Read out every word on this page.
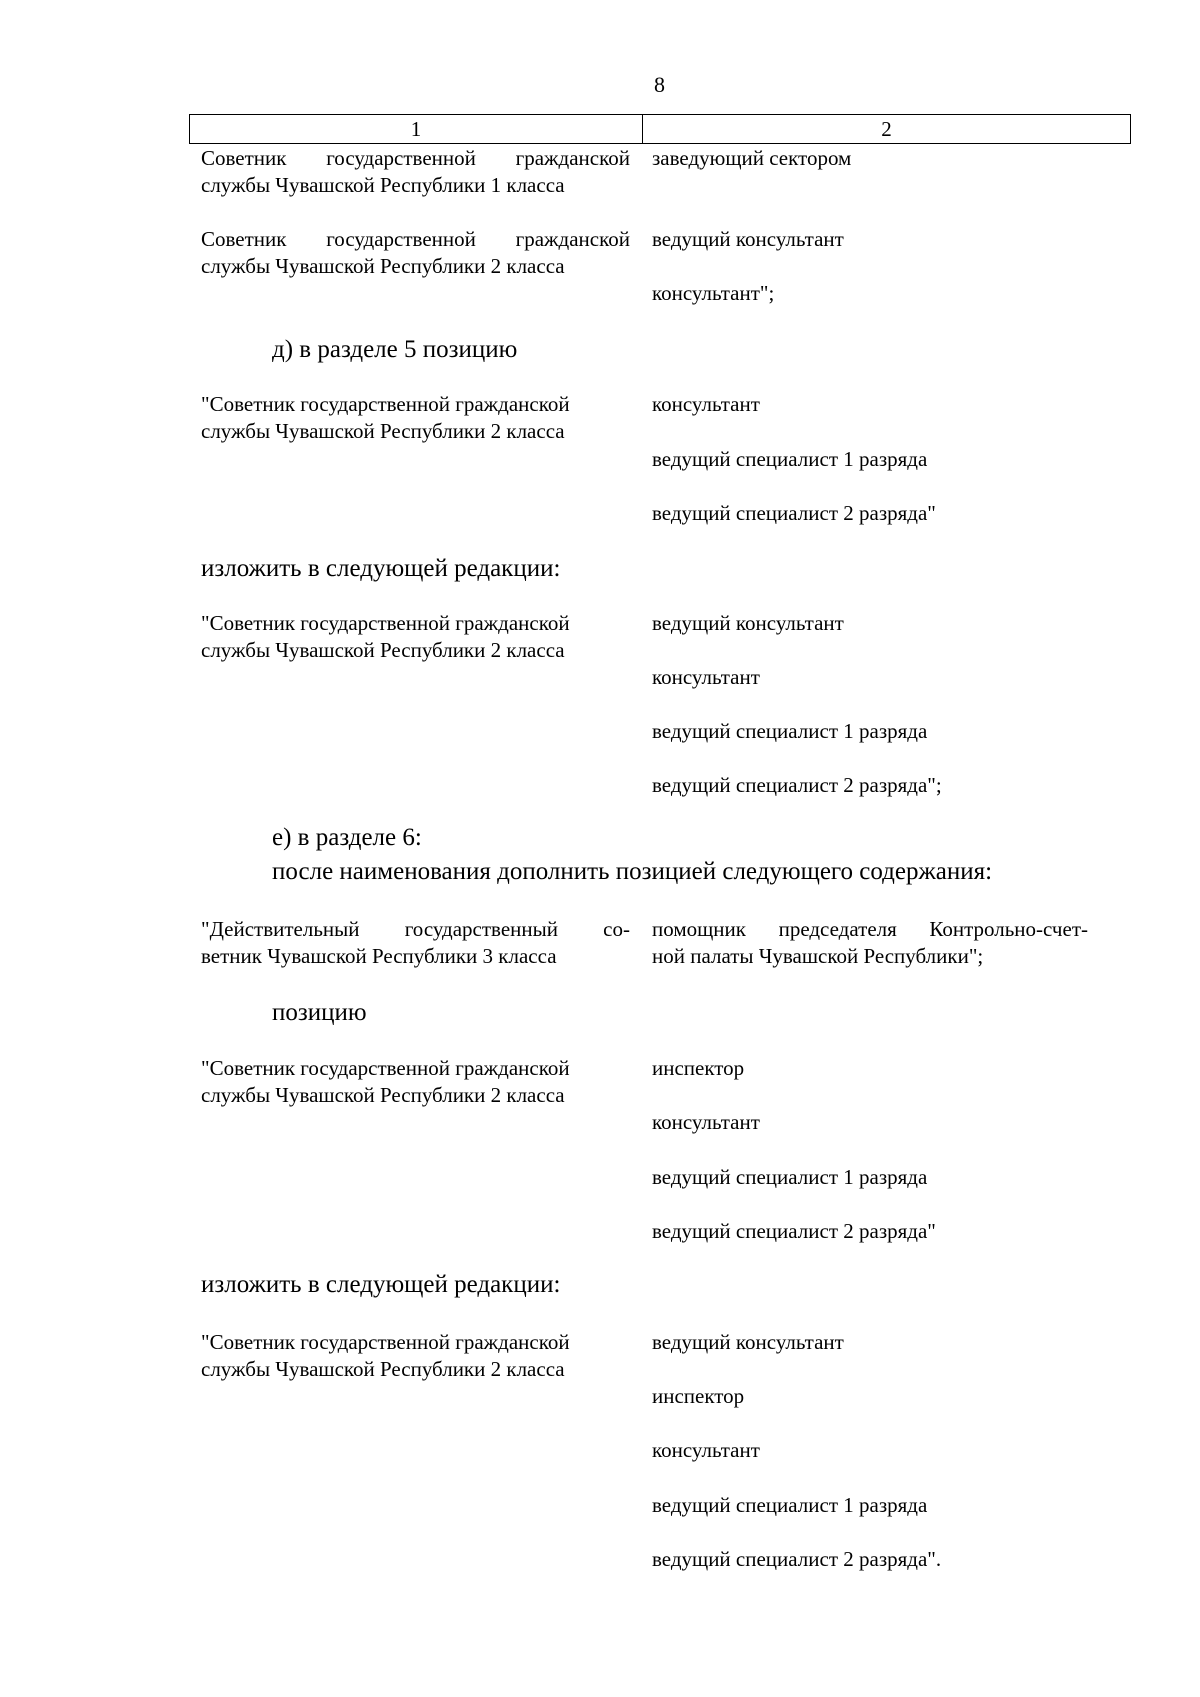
8
1	2
Советник государственной гражданской
службы Чувашской Республики 1 класса
заведующий сектором
Советник государственной гражданской
службы Чувашской Республики 2 класса
ведущий консультант
консультант";
д) в разделе 5 позицию
"Советник государственной гражданской
службы Чувашской Республики 2 класса
консультант
ведущий специалист 1 разряда
ведущий специалист 2 разряда"
изложить в следующей редакции:
"Советник государственной гражданской
службы Чувашской Республики 2 класса
ведущий консультант
консультант
ведущий специалист 1 разряда
ведущий специалист 2 разряда";
е) в разделе 6:
после наименования дополнить позицией следующего содержания:
"Действительный государственный со-
ветник Чувашской Республики 3 класса
помощник председателя Контрольно-счет-
ной палаты Чувашской Республики";
позицию
"Советник государственной гражданской
службы Чувашской Республики 2 класса
инспектор
консультант
ведущий специалист 1 разряда
ведущий специалист 2 разряда"
изложить в следующей редакции:
"Советник государственной гражданской
службы Чувашской Республики 2 класса
ведущий консультант
инспектор
консультант
ведущий специалист 1 разряда
ведущий специалист 2 разряда".
